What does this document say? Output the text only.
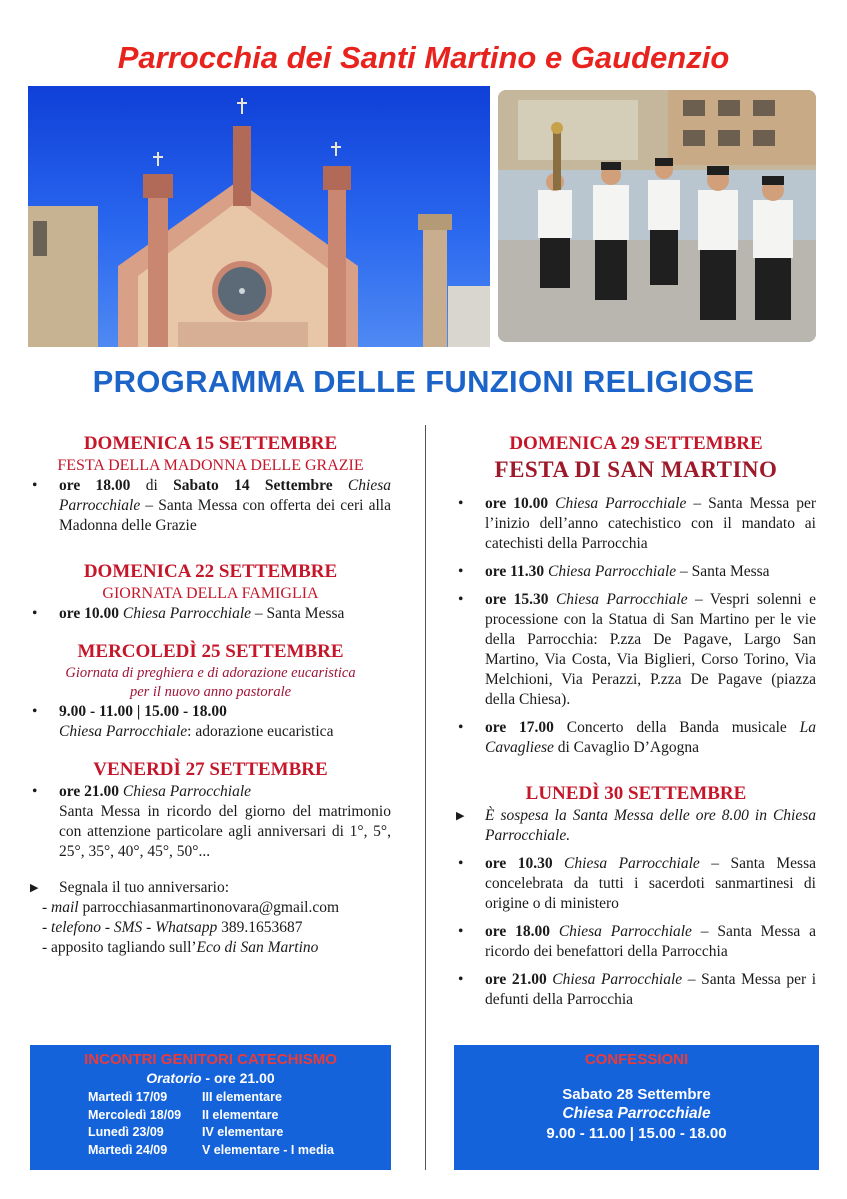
Parrocchia dei Santi Martino e Gaudenzio
PROGRAMMA DELLE FUNZIONI RELIGIOSE
DOMENICA 15 SETTEMBRE
FESTA DELLA MADONNA DELLE GRAZIE
• ore 18.00 di Sabato 14 Settembre Chiesa Parrocchiale – Santa Messa con offerta dei ceri alla Madonna delle Grazie
DOMENICA 22 SETTEMBRE
GIORNATA DELLA FAMIGLIA
• ore 10.00 Chiesa Parrocchiale – Santa Messa
MERCOLEDÌ 25 SETTEMBRE
Giornata di preghiera e di adorazione eucaristica
per il nuovo anno pastorale
• 9.00 - 11.00 | 15.00 - 18.00
Chiesa Parrocchiale: adorazione eucaristica
VENERDÌ 27 SETTEMBRE
• ore 21.00 Chiesa Parrocchiale
Santa Messa in ricordo del giorno del matrimonio con attenzione particolare agli anniversari di 1°, 5°, 25°, 35°, 40°, 45°, 50°...
▶ Segnala il tuo anniversario:
- mail parrocchiasanmartinonovara@gmail.com
- telefono - SMS - Whatsapp 389.1653687
- apposito tagliando sull’Eco di San Martino
DOMENICA 29 SETTEMBRE
FESTA DI SAN MARTINO
• ore 10.00 Chiesa Parrocchiale – Santa Messa per l’inizio dell’anno catechistico con il mandato ai catechisti della Parrocchia
• ore 11.30 Chiesa Parrocchiale – Santa Messa
• ore 15.30 Chiesa Parrocchiale – Vespri solenni e processione con la Statua di San Martino per le vie della Parrocchia: P.zza De Pagave, Largo San Martino, Via Costa, Via Biglieri, Corso Torino, Via Melchioni, Via Perazzi, P.zza De Pagave (piazza della Chiesa).
• ore 17.00 Concerto della Banda musicale La Cavagliese di Cavaglio D’Agogna
LUNEDÌ 30 SETTEMBRE
▶ È sospesa la Santa Messa delle ore 8.00 in Chiesa Parrocchiale.
• ore 10.30 Chiesa Parrocchiale – Santa Messa concelebrata da tutti i sacerdoti sanmartinesi di origine o di ministero
• ore 18.00 Chiesa Parrocchiale – Santa Messa a ricordo dei benefattori della Parrocchia
• ore 21.00 Chiesa Parrocchiale – Santa Messa per i defunti della Parrocchia
INCONTRI GENITORI CATECHISMO
Oratorio - ore 21.00
Martedì 17/09	III elementare
Mercoledì 18/09 II elementare
Lunedì 23/09	IV elementare
Martedì 24/09	V elementare - I media
CONFESSIONI
Sabato 28 Settembre
Chiesa Parrocchiale
9.00 - 11.00 | 15.00 - 18.00
